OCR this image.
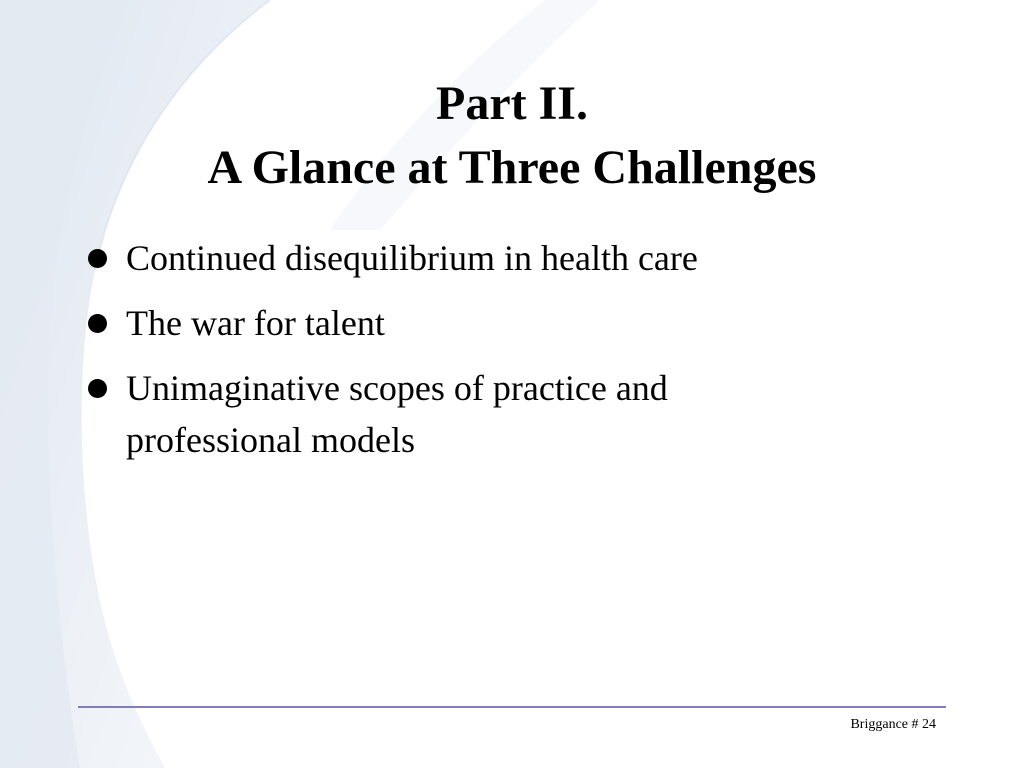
Part II.
A Glance at Three Challenges
Continued disequilibrium in health care
The war for talent
Unimaginative scopes of practice and professional models
Briggance # 24
